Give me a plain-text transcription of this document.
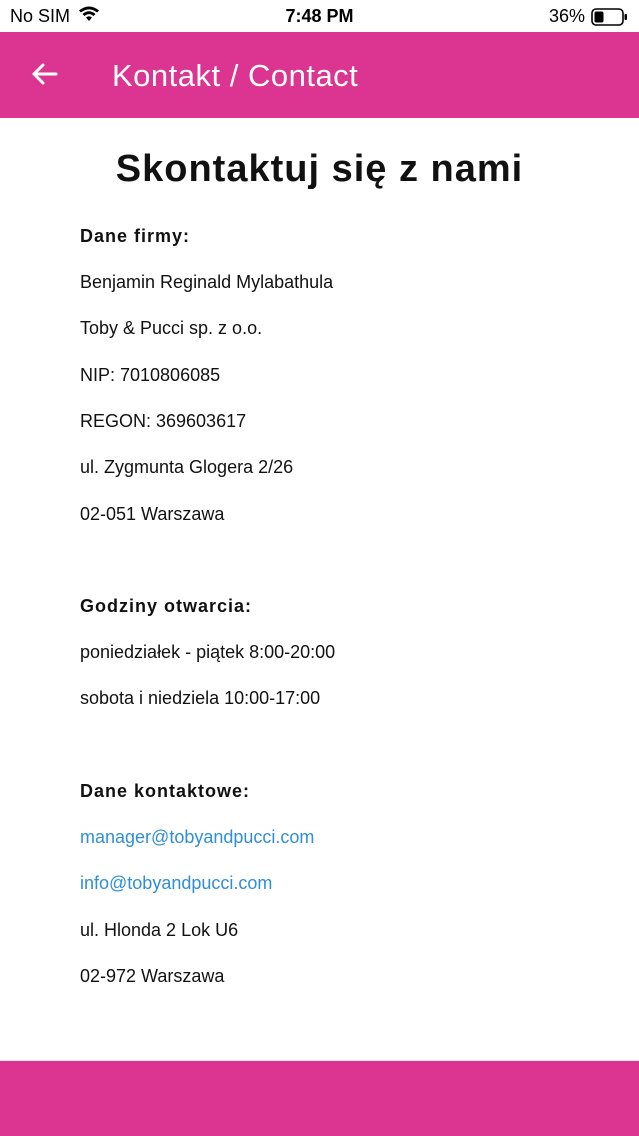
No SIM	7:48 PM	36%
Kontakt / Contact
Skontaktuj się z nami
Dane firmy:
Benjamin Reginald Mylabathula
Toby & Pucci sp. z o.o.
NIP: 7010806085
REGON: 369603617
ul. Zygmunta Glogera 2/26
02-051 Warszawa
Godziny otwarcia:
poniedziałek - piątek 8:00-20:00
sobota i niedziela 10:00-17:00
Dane kontaktowe:
manager@tobyandpucci.com
info@tobyandpucci.com
ul. Hlonda 2 Lok U6
02-972 Warszawa
